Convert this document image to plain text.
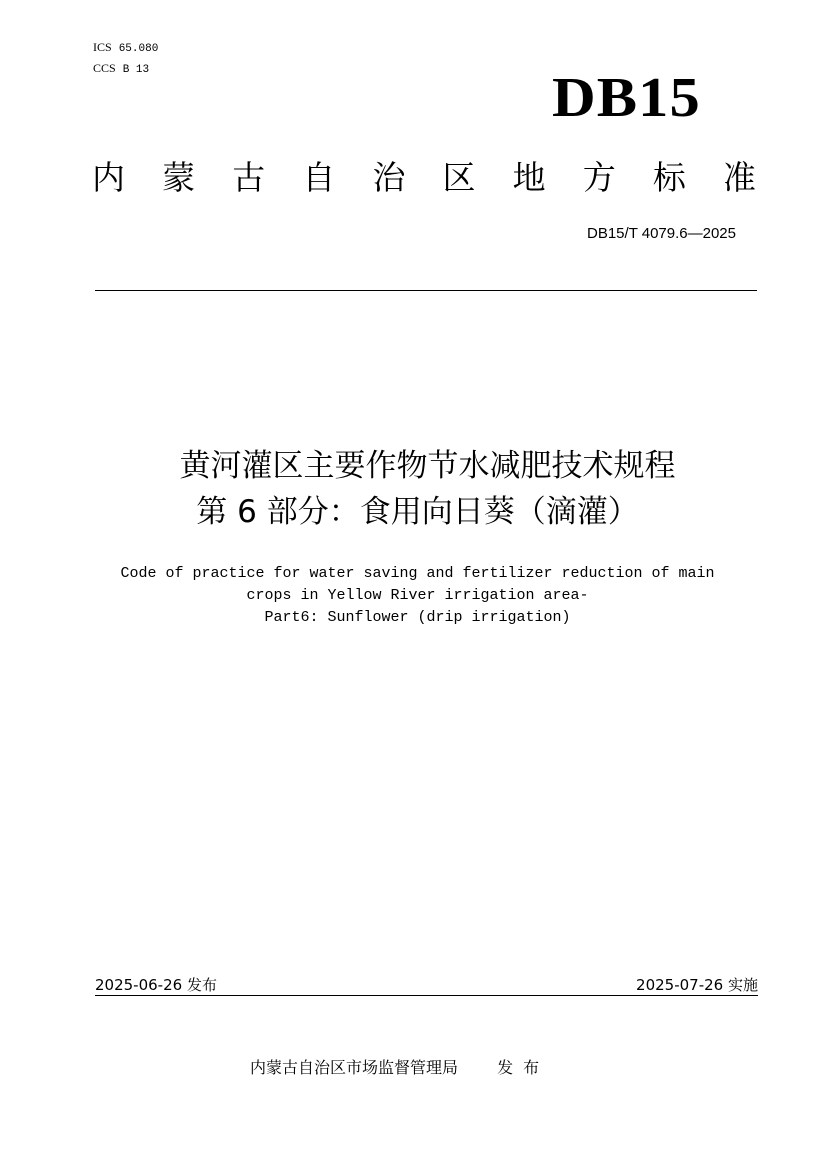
ICS 65.080
CCS B 13	DB15
内 蒙 古 自 治 区 地 方 标 准
DB15/T 4079.6—2025
黄河灌区主要作物节水减肥技术规程
第 6 部分：食用向日葵（滴灌）
Code of practice for water saving and fertilizer reduction of main
crops in Yellow River irrigation area-
Part6: Sunflower (drip irrigation)
2025-06-26 发布	2025-07-26 实施
内蒙古自治区市场监督管理局 发布
